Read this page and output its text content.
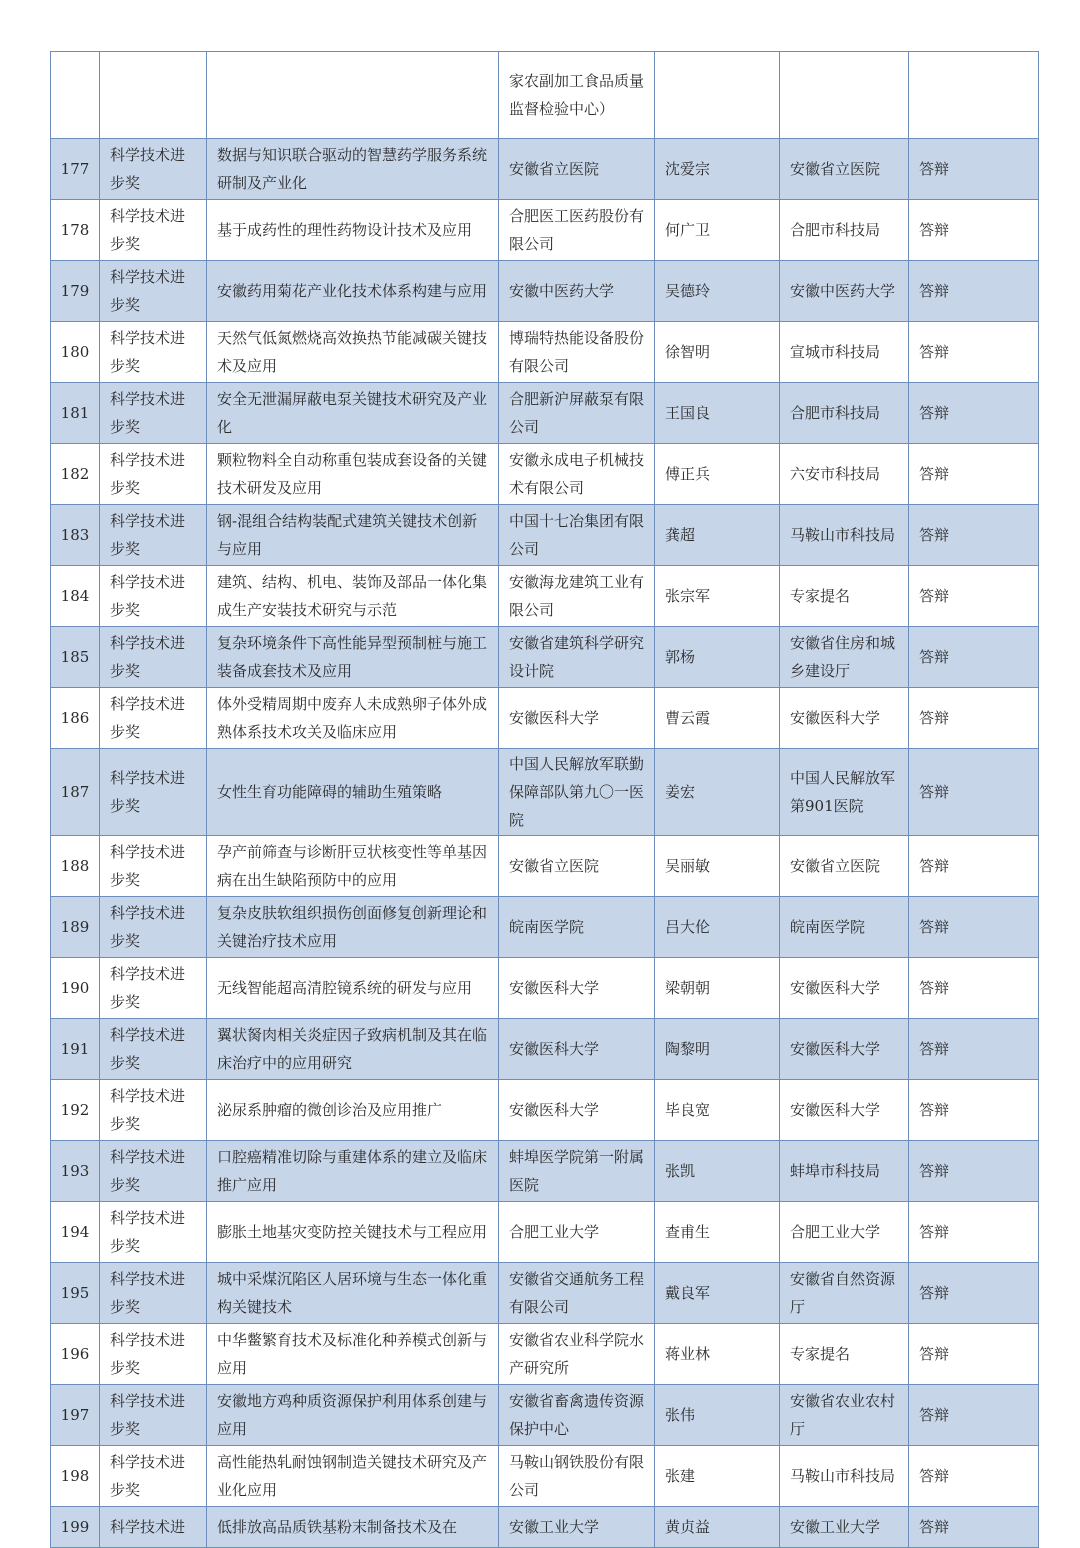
			家农副加工食品质量监督检验中心）			
177	科学技术进步奖	数据与知识联合驱动的智慧药学服务系统研制及产业化	安徽省立医院	沈爱宗	安徽省立医院	答辩
178	科学技术进步奖	基于成药性的理性药物设计技术及应用	合肥医工医药股份有限公司	何广卫	合肥市科技局	答辩
179	科学技术进步奖	安徽药用菊花产业化技术体系构建与应用	安徽中医药大学	吴德玲	安徽中医药大学	答辩
180	科学技术进步奖	天然气低氮燃烧高效换热节能减碳关键技术及应用	博瑞特热能设备股份有限公司	徐智明	宣城市科技局	答辩
181	科学技术进步奖	安全无泄漏屏蔽电泵关键技术研究及产业化	合肥新沪屏蔽泵有限公司	王国良	合肥市科技局	答辩
182	科学技术进步奖	颗粒物料全自动称重包装成套设备的关键技术研发及应用	安徽永成电子机械技术有限公司	傅正兵	六安市科技局	答辩
183	科学技术进步奖	钢-混组合结构装配式建筑关键技术创新与应用	中国十七冶集团有限公司	龚超	马鞍山市科技局	答辩
184	科学技术进步奖	建筑、结构、机电、装饰及部品一体化集成生产安装技术研究与示范	安徽海龙建筑工业有限公司	张宗军	专家提名	答辩
185	科学技术进步奖	复杂环境条件下高性能异型预制桩与施工装备成套技术及应用	安徽省建筑科学研究设计院	郭杨	安徽省住房和城乡建设厅	答辩
186	科学技术进步奖	体外受精周期中废弃人未成熟卵子体外成熟体系技术攻关及临床应用	安徽医科大学	曹云霞	安徽医科大学	答辩
187	科学技术进步奖	女性生育功能障碍的辅助生殖策略	中国人民解放军联勤保障部队第九〇一医院	姜宏	中国人民解放军第901医院	答辩
188	科学技术进步奖	孕产前筛查与诊断肝豆状核变性等单基因病在出生缺陷预防中的应用	安徽省立医院	吴丽敏	安徽省立医院	答辩
189	科学技术进步奖	复杂皮肤软组织损伤创面修复创新理论和关键治疗技术应用	皖南医学院	吕大伦	皖南医学院	答辩
190	科学技术进步奖	无线智能超高清腔镜系统的研发与应用	安徽医科大学	梁朝朝	安徽医科大学	答辩
191	科学技术进步奖	翼状胬肉相关炎症因子致病机制及其在临床治疗中的应用研究	安徽医科大学	陶黎明	安徽医科大学	答辩
192	科学技术进步奖	泌尿系肿瘤的微创诊治及应用推广	安徽医科大学	毕良宽	安徽医科大学	答辩
193	科学技术进步奖	口腔癌精准切除与重建体系的建立及临床推广应用	蚌埠医学院第一附属医院	张凯	蚌埠市科技局	答辩
194	科学技术进步奖	膨胀土地基灾变防控关键技术与工程应用	合肥工业大学	查甫生	合肥工业大学	答辩
195	科学技术进步奖	城中采煤沉陷区人居环境与生态一体化重构关键技术	安徽省交通航务工程有限公司	戴良军	安徽省自然资源厅	答辩
196	科学技术进步奖	中华鳖繁育技术及标准化种养模式创新与应用	安徽省农业科学院水产研究所	蒋业林	专家提名	答辩
197	科学技术进步奖	安徽地方鸡种质资源保护利用体系创建与应用	安徽省畜禽遗传资源保护中心	张伟	安徽省农业农村厅	答辩
198	科学技术进步奖	高性能热轧耐蚀钢制造关键技术研究及产业化应用	马鞍山钢铁股份有限公司	张建	马鞍山市科技局	答辩
199	科学技术进	低排放高品质铁基粉末制备技术及在	安徽工业大学	黄贞益	安徽工业大学	答辩
